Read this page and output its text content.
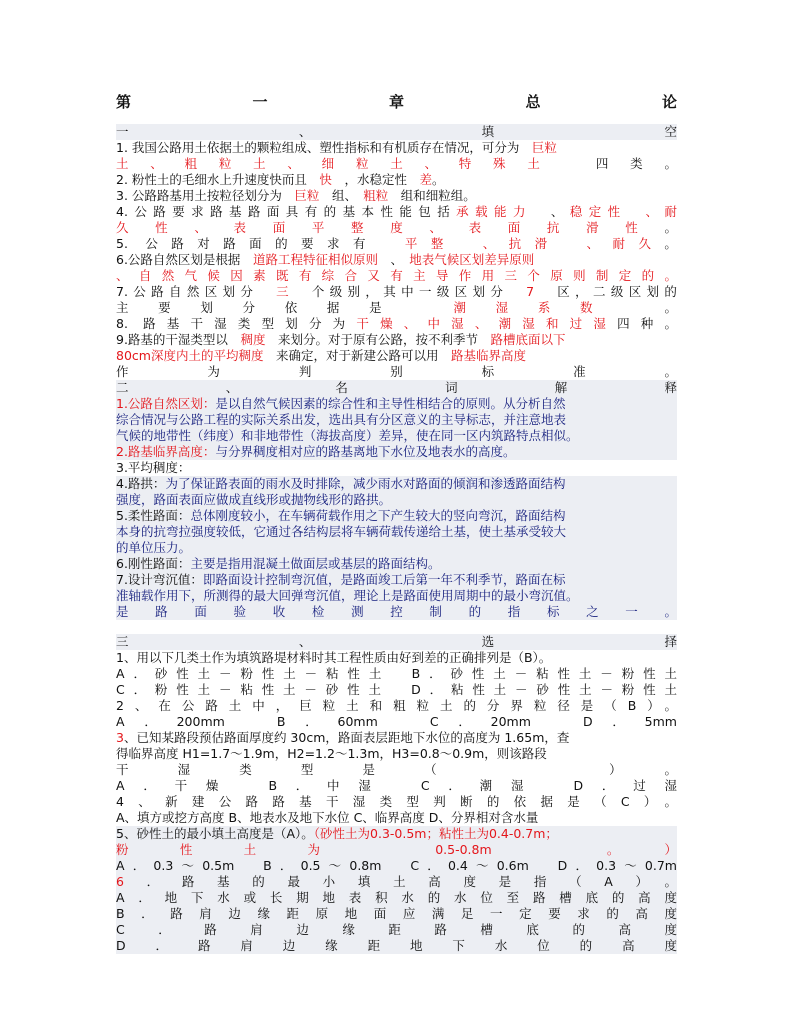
第　一　章　总　论
一、填空
1. 我国公路用土依据土的颗粒组成、塑性指标和有机质存在情况，可分为　 巨粒
土、粗粒土、细粒土、特殊土　	四类。
2. 粉性土的毛细水上升速度快而且　 快　 ，水稳定性　 差。
3. 公路路基用土按粒径划分为　 巨粒　 组、　 粗粒　 组和细粒组。
4.公路要求路基路面具有的基本性能包括承载能力　 、稳定性　 、耐
久性、表面平整度、表面抗滑性。
5. 公路对路面的要求有　 平整　 、抗滑　 、耐久。
6.公路自然区划是根据　 道路工程特征相似原则　 、　 地表气候区划差异原则
、自然气候因素既有综合又有主导作用三个原则制定的。
7.公路自然区划分　 三　 个级别，其中一级区划分　 7　 区，二级区划的
主要划分依据是　	潮湿系数　	。
8. 路基干湿类型划分为干燥、中湿、潮湿和过湿四种。
9.路基的干湿类型以　 稠度　 来划分。对于原有公路，按不利季节　 路槽底面以下
80cm深度内土的平均稠度　 来确定，对于新建公路可以用　 路基临界高度
作为判别标准。
二、名词解释
1.公路自然区划：是以自然气候因素的综合性和主导性相结合的原则。从分析自然
综合情况与公路工程的实际关系出发，选出具有分区意义的主导标志，并注意地表
气候的地带性（纬度）和非地带性（海拔高度）差异，使在同一区内筑路特点相似。
2.路基临界高度：与分界稠度相对应的路基离地下水位及地表水的高度。
3.平均稠度：
4.路拱：为了保证路表面的雨水及时排除，减少雨水对路面的倾润和渗透路面结构
强度，路面表面应做成直线形或抛物线形的路拱。
5.柔性路面：总体刚度较小，在车辆荷载作用之下产生较大的竖向弯沉，路面结构
本身的抗弯拉强度较低，它通过各结构层将车辆荷载传递给土基，使土基承受较大
的单位压力。
6.刚性路面：主要是指用混凝土做面层或基层的路面结构。
7.设计弯沉值：即路面设计控制弯沉值，是路面竣工后第一年不利季节，路面在标
准轴载作用下，所测得的最大回弹弯沉值，理论上是路面使用周期中的最小弯沉值。
是路面验收检测控制的指标之一。
三、选择
1、用以下几类土作为填筑路堤材料时其工程性质由好到差的正确排列是（B）。
A．砂性土－粉性土－粘性土　B．砂性土－粘性土－粉性土
C．粉性土－粘性土－砂性土　D．粘性土－砂性土－粉性土
2、在公路土中，巨粒土和粗粒土的分界粒径是（B）。
A．200mm　	B．60mm　	C．20mm　	D．5mm
3、已知某路段预估路面厚度约 30cm，路面表层距地下水位的高度为 1.65m，查
得临界高度 H1=1.7～1.9m，H2=1.2～1.3m，H3=0.8～0.9m，则该路段
干湿类型是（　　）。
A．干燥　	B．中湿　	C．潮湿　	D．过湿
4、新建公路路基干湿类型判断的依据是（C）。
A、填方或挖方高度 B、地表水及地下水位 C、临界高度 D、分界相对含水量
5、砂性土的最小填土高度是（A）。（砂性土为0.3-0.5m；粘性土为0.4-0.7m；
粉性土为　	0.5-0.8m　	。）
A．0.3～0.5m　 B．0.5～0.8m　 C．0.4～0.6m　 D．0.3～0.7m
6．路基的最小填土高度是指（A）。
A．地下水或长期地表积水的水位至路槽底的高度
B．路肩边缘距原地面应满足一定要求的高度
C．路肩边缘距路槽底的高度
D．路肩边缘距地下水位的高度
